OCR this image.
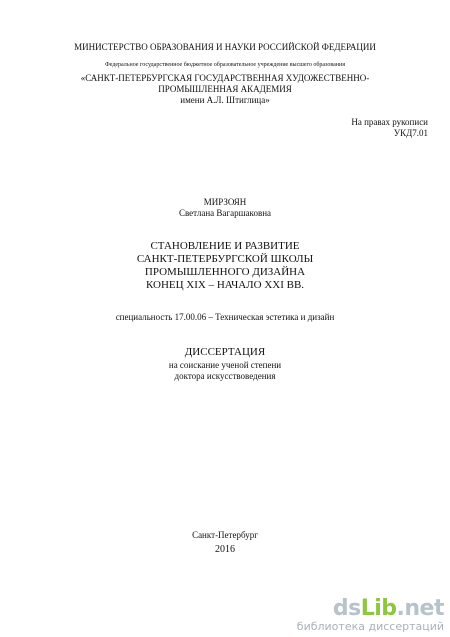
МИНИСТЕРСТВО ОБРАЗОВАНИЯ И НАУКИ РОССИЙСКОЙ ФЕДЕРАЦИИ
Федеральное государственное бюджетное образовательное учреждение высшего образования
«САНКТ-ПЕТЕРБУРГСКАЯ ГОСУДАРСТВЕННАЯ ХУДОЖЕСТВЕННО-
ПРОМЫШЛЕННАЯ АКАДЕМИЯ
имени А.Л. Штиглица»
На правах рукописи
УКД7.01
МИРЗОЯН
Светлана Вагаршаковна
СТАНОВЛЕНИЕ И РАЗВИТИЕ
САНКТ-ПЕТЕРБУРГСКОЙ ШКОЛЫ
ПРОМЫШЛЕННОГО ДИЗАЙНА
КОНЕЦ XIX – НАЧАЛО XXI ВВ.
специальность 17.00.06 – Техническая эстетика и дизайн
ДИССЕРТАЦИЯ
на соискание ученой степени
доктора искусствоведения
Санкт-Петербург
2016
dsLib.net
библиотека диссертаций
